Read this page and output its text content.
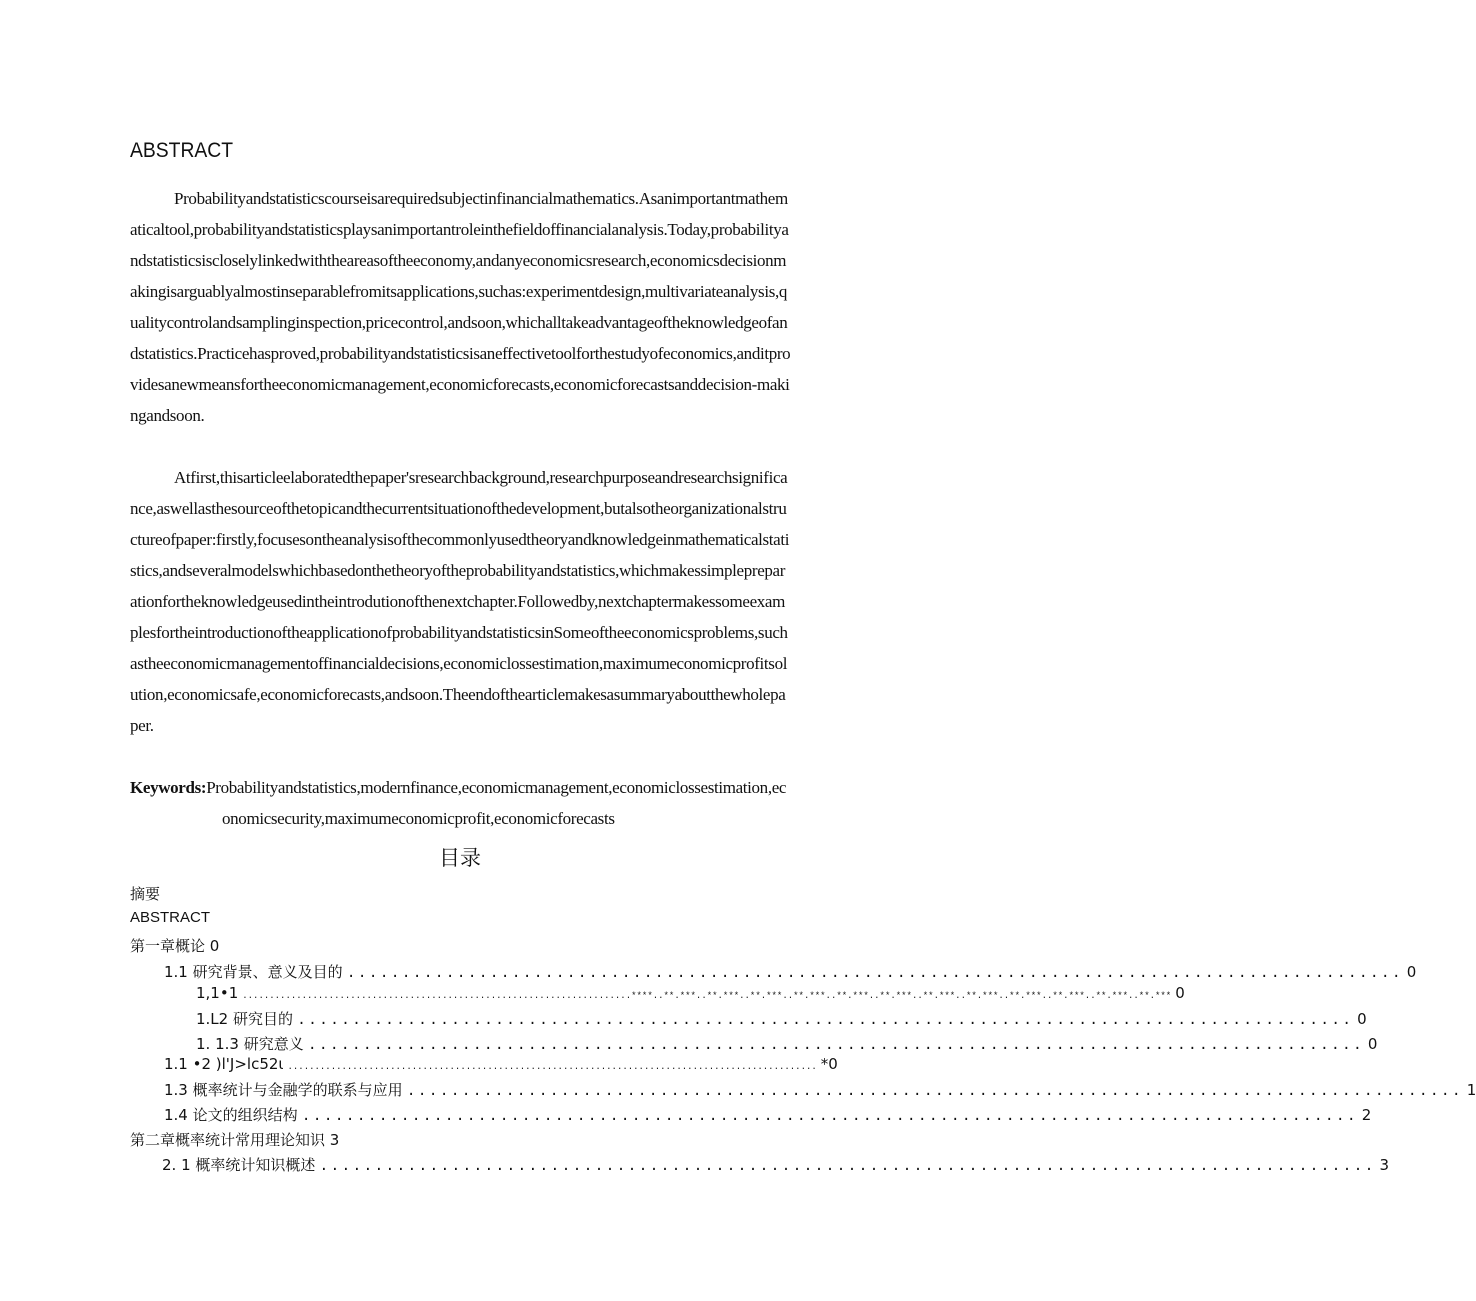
ABSTRACT

Probabilityandstatisticscourseisarequiredsubjectinfinancialmathematics.Asanimportantmathematicaltool,probabilityandstatisticsplaysanimportantroleinthefieldoffinancialanalysis.Today,probabilityandstatisticsiscloselylinkedwiththeareasoftheeconomy,andanyeconomicsresearch,economicsdecisionmakingisarguablyalmostinseparablefromitsapplications,suchas:experimentdesign,multivariateanalysis,qualitycontrolandsamplinginspection,pricecontrol,andsoon,whichalltakeadvantageoftheknowledgeofandstatistics.Practicehasproved,probabilityandstatisticsisaneffectivetoolforthestudyofeconomics,anditprovidesanewmeansfortheeconomicmanagement,economicforecasts,economicforecastsanddecision-makingandsoon.

Atfirst,thisarticleelaboratedthepaper'sresearchbackground,researchpurposeandresearchsignificance,aswellasthesourceofthetopicandthecurrentsituationofthedevelopment,butalsotheorganizationalstructureofpaper:firstly,focusesontheanalysisofthecommonlyusedtheoryandknowledgeinmathematicalstatistics,andseveralmodelswhichbasedonthetheoryoftheprobabilityandstatistics,whichmakessimplepreparationfortheknowledgeusedintheintrodutionofthenextchapter.Followedby,nextchaptermakessomeexamplesfortheintroductionoftheapplicationofprobabilityandstatisticsinSomeoftheeconomicsproblems,suchastheeconomicmanagementoffinancialdecisions,economiclossestimation,maximumeconomicprofitsolution,economicsafe,economicforecasts,andsoon.Theendofthearticlemakesasummaryaboutthewholepaper.

Keywords:Probabilityandstatistics,modernfinance,economicmanagement,economiclossestimation,economicsecurity,maximumeconomicprofit,economicforecasts

目录
摘要
ABSTRACT
第一章概论 0
1.1 研究背景、意义及目的 ................................................................................................ 0
1,1•1 ........................................................................****..**.***..**.***..**.***..**.***..**.***..**.***..**.***..**.***..**.***..**.***..**.***..**.*** 0
1.L2 研究目的 ................................................................................................ 0
1. 1.3 研究意义 ................................................................................................ 0
1.1 •2 )l'J>lc52ι .................................................................................................. *0
1.3 概率统计与金融学的联系与应用 ................................................................................................ 1
1.4 论文的组织结构 ................................................................................................ 2
第二章概率统计常用理论知识 3
2. 1 概率统计知识概述 ................................................................................................ 3
